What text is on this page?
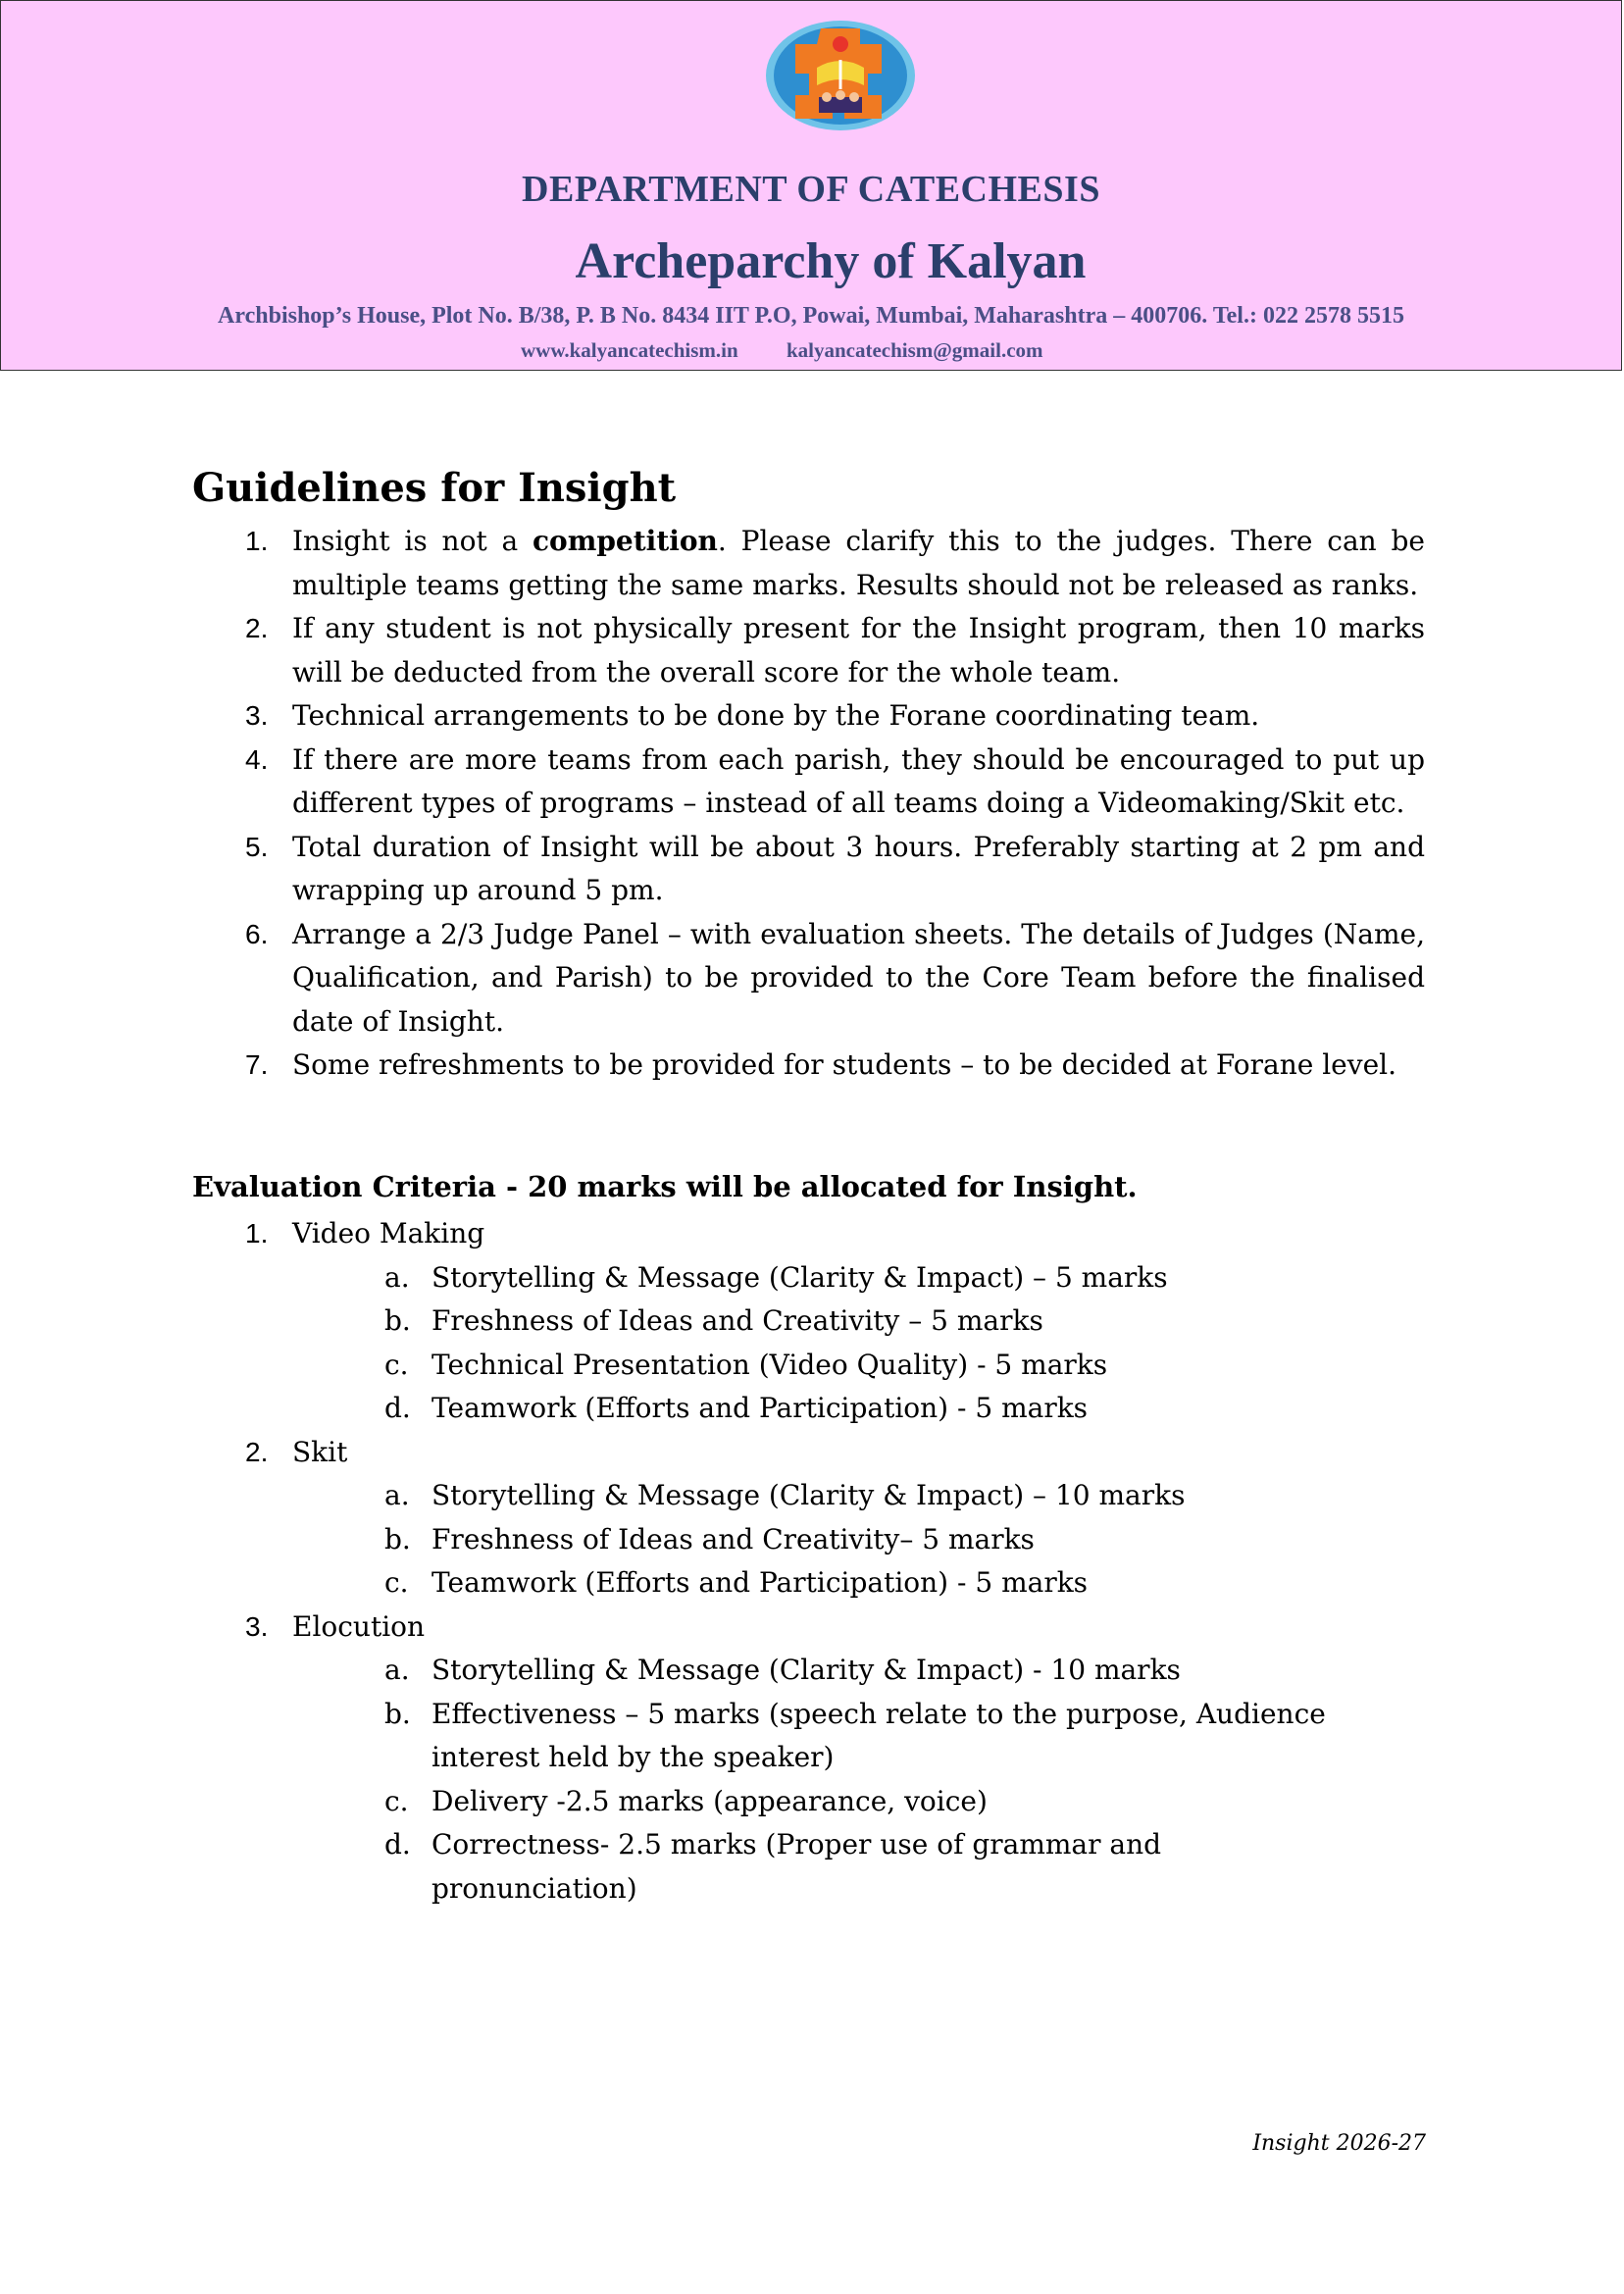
DEPARTMENT OF CATECHESIS
Archeparchy of Kalyan
Archbishop’s House, Plot No. B/38, P. B No. 8434 IIT P.O, Powai, Mumbai, Maharashtra – 400706. Tel.: 022 2578 5515
www.kalyancatechism.in kalyancatechism@gmail.com
Guidelines for Insight
1. Insight is not a competition. Please clarify this to the judges. There can be multiple teams getting the same marks. Results should not be released as ranks.
2. If any student is not physically present for the Insight program, then 10 marks will be deducted from the overall score for the whole team.
3. Technical arrangements to be done by the Forane coordinating team.
4. If there are more teams from each parish, they should be encouraged to put up different types of programs – instead of all teams doing a Videomaking/Skit etc.
5. Total duration of Insight will be about 3 hours. Preferably starting at 2 pm and wrapping up around 5 pm.
6. Arrange a 2/3 Judge Panel – with evaluation sheets. The details of Judges (Name, Qualification, and Parish) to be provided to the Core Team before the finalised date of Insight.
7. Some refreshments to be provided for students – to be decided at Forane level.
Evaluation Criteria - 20 marks will be allocated for Insight.
1. Video Making
a. Storytelling & Message (Clarity & Impact) – 5 marks
b. Freshness of Ideas and Creativity – 5 marks
c. Technical Presentation (Video Quality) - 5 marks
d. Teamwork (Efforts and Participation) - 5 marks
2. Skit
a. Storytelling & Message (Clarity & Impact) – 10 marks
b. Freshness of Ideas and Creativity– 5 marks
c. Teamwork (Efforts and Participation) - 5 marks
3. Elocution
a. Storytelling & Message (Clarity & Impact) - 10 marks
b. Effectiveness – 5 marks (speech relate to the purpose, Audience interest held by the speaker)
c. Delivery -2.5 marks (appearance, voice)
d. Correctness- 2.5 marks (Proper use of grammar and pronunciation)
Insight 2026-27
